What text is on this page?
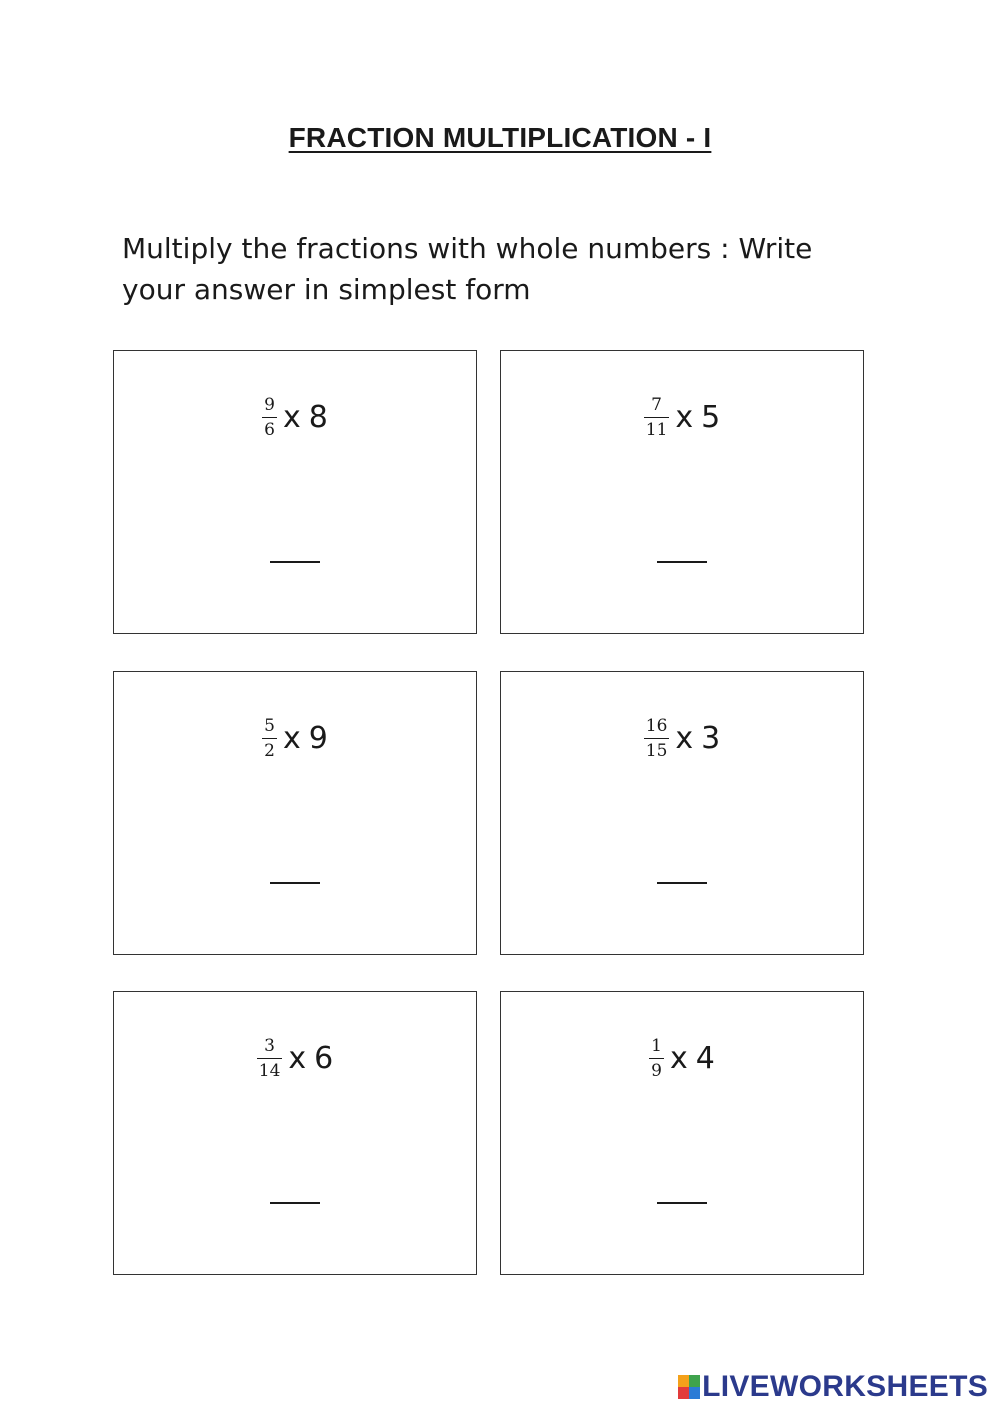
FRACTION MULTIPLICATION - I
Multiply the fractions with whole numbers : Write your answer in simplest form
$\frac{9}{6}$ x 8	$\frac{7}{11}$ x 5
$\frac{5}{2}$ x 9	$\frac{16}{15}$ x 3
$\frac{3}{14}$ x 6	$\frac{1}{9}$ x 4
LIVEWORKSHEETS
